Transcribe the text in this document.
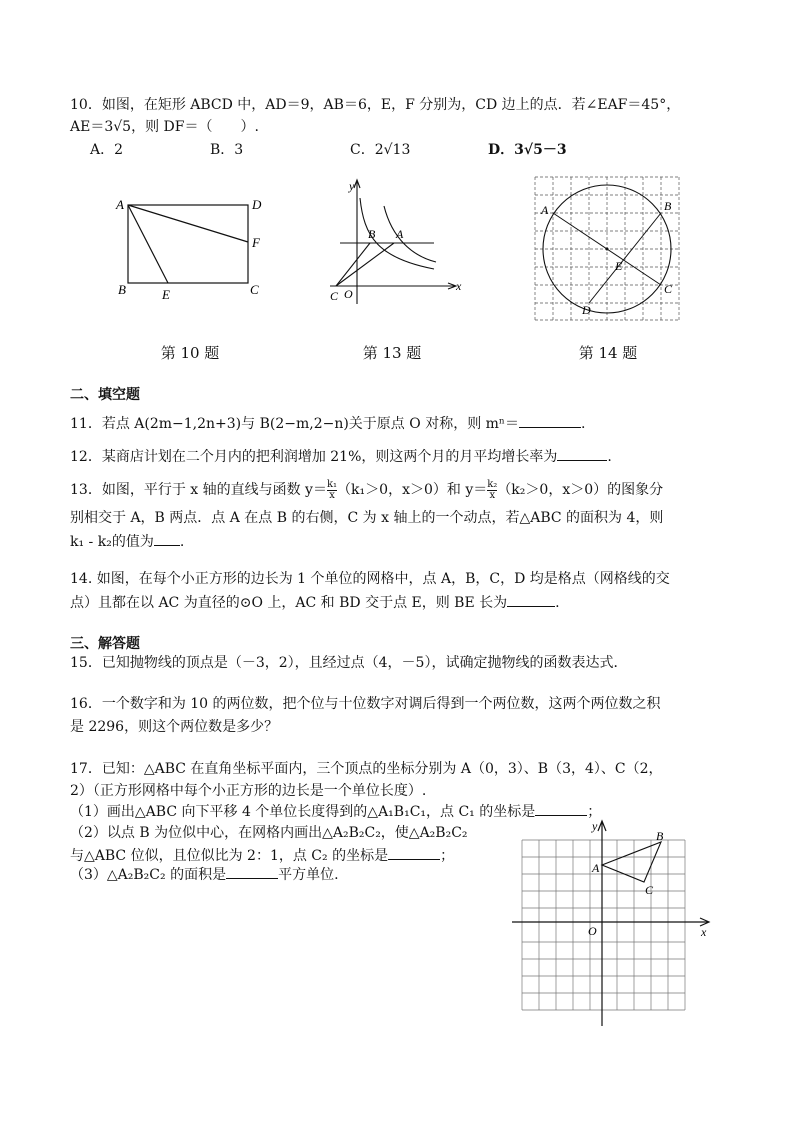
10．如图，在矩形 ABCD 中，AD＝9，AB＝6，E，F 分别为，CD 边上的点．若∠EAF＝45°，
AE＝3√5，则 DF＝（　　）.
A．2	B．3	C．2√13	D．3√5－3
A	D
F
B	E	C
y
x
O
C
B A
A	B
C
D
E
第 10 题	第 13 题	第 14 题
二、填空题
11．若点 A(2m−1,2n+3)与 B(2−m,2−n)关于原点 O 对称，则 mⁿ＝	.
12．某商店计划在二个月内的把利润增加 21%，则这两个月的月平均增长率为	.
13．如图，平行于 x 轴的直线与函数 $y= \frac{\text{k₁}}{x} (k_1>0$，x＞0）和 $y= \frac{\text{k₂}}{x} (k_2>0$，x＞0）的图象分
别相交于 A，B 两点．点 A 在点 B 的右侧，C 为 x 轴上的一个动点，若△ABC 的面积为 4，则
k₁ - k₂的值为 .
14. 如图，在每个小正方形的边长为 1 个单位的网格中，点 A，B，C，D 均是格点（网格线的交
点）且都在以 AC 为直径的⊙O 上，AC 和 BD 交于点 E，则 BE 长为	.
三、解答题
15．已知抛物线的顶点是（－3，2），且经过点（4，－5），试确定抛物线的函数表达式．
16．一个数字和为 10 的两位数，把个位与十位数字对调后得到一个两位数，这两个两位数之积
是 2296，则这个两位数是多少？
17．已知：△ABC 在直角坐标平面内，三个顶点的坐标分别为 A（0，3）、B（3，4）、C（2，
2）（正方形网格中每个小正方形的边长是一个单位长度）.
（1）画出△ABC 向下平移 4 个单位长度得到的△A₁B₁C₁，点 C₁ 的坐标是	；
（2）以点 B 为位似中心，在网格内画出△A₂B₂C₂，使△A₂B₂C₂
与△ABC 位似，且位似比为 2：1，点 C₂ 的坐标是	；
（3）△A₂B₂C₂ 的面积是	平方单位.
y
x
O
A
B
C
